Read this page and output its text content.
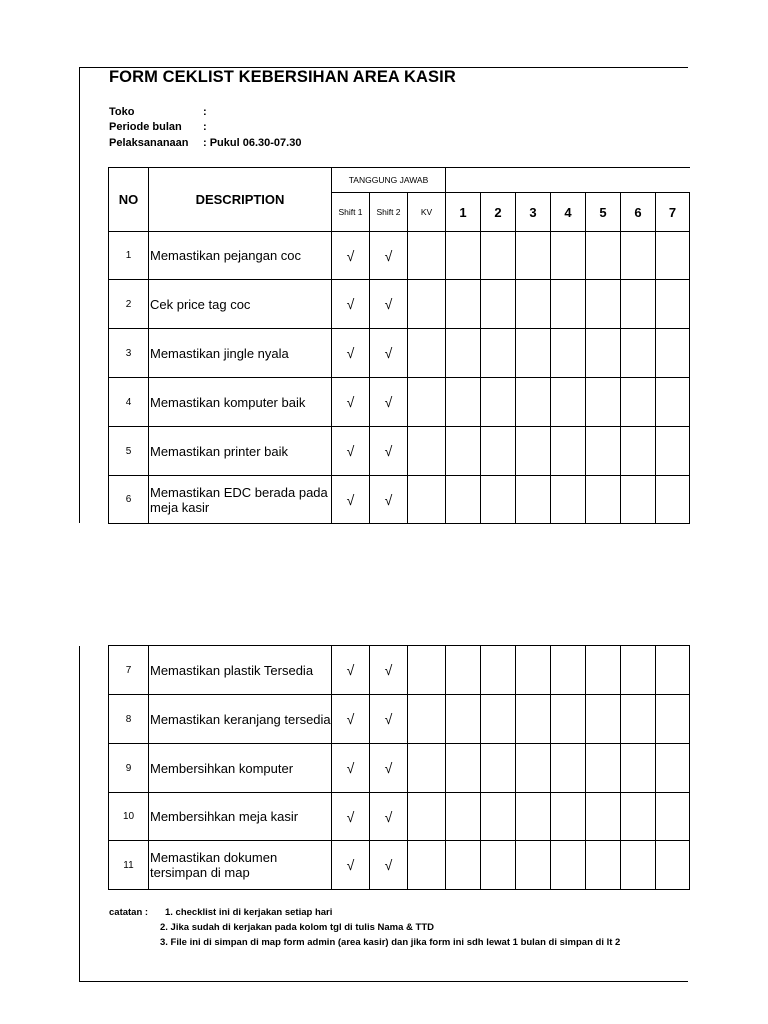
FORM CEKLIST KEBERSIHAN AREA KASIR
Toko	:
Periode bulan :
Pelaksananaan : Pukul 06.30-07.30
NO	DESCRIPTION	TANGGUNG JAWAB									
		Shift 1	Shift 2	KV	1	2	3	4	5	6	7
1	Memastikan pejangan coc	√	√								
2	Cek price tag coc	√	√								
3	Memastikan jingle nyala	√	√								
4	Memastikan komputer baik	√	√								
5	Memastikan printer baik	√	√								
6	Memastikan EDC berada pada meja kasir	√	√								
7	Memastikan plastik Tersedia	√	√								
8	Memastikan keranjang tersedia	√	√								
9	Membersihkan komputer	√	√								
10	Membersihkan meja kasir	√	√								
11	Memastikan dokumen tersimpan di map	√	√								
catatan : 1. checklist ini di kerjakan setiap hari
2. Jika sudah di kerjakan pada kolom tgl di tulis Nama & TTD
3. File ini di simpan di map form admin (area kasir) dan jika form ini sdh lewat 1 bulan di simpan di lt 2
